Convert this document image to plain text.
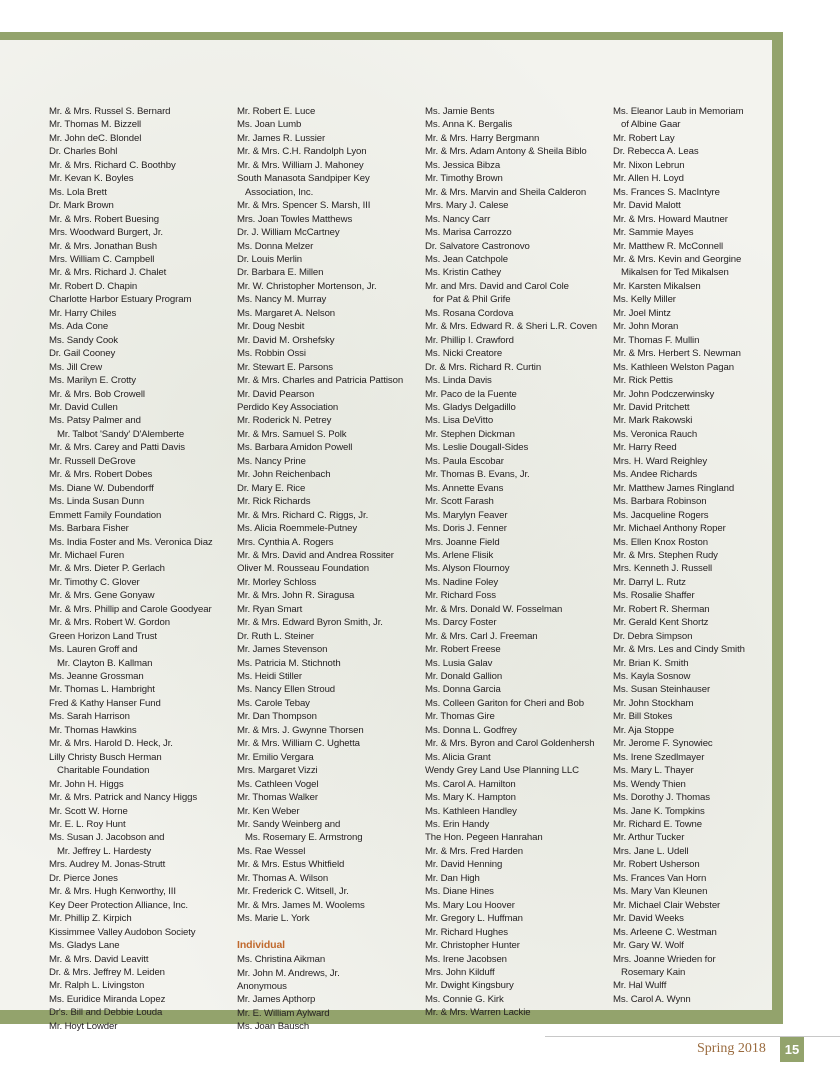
Mr. & Mrs. Russel S. Bernard
Mr. Thomas M. Bizzell
Mr. John deC. Blondel
Dr. Charles Bohl
Mr. & Mrs. Richard C. Boothby
Mr. Kevan K. Boyles
Ms. Lola Brett
Dr. Mark Brown
Mr. & Mrs. Robert Buesing
Mrs. Woodward Burgert, Jr.
Mr. & Mrs. Jonathan Bush
Mrs. William C. Campbell
Mr. & Mrs. Richard J. Chalet
Mr. Robert D. Chapin
Charlotte Harbor Estuary Program
Mr. Harry Chiles
Ms. Ada Cone
Ms. Sandy Cook
Dr. Gail Cooney
Ms. Jill Crew
Ms. Marilyn E. Crotty
Mr. & Mrs. Bob Crowell
Mr. David Cullen
Ms. Patsy Palmer and
Mr. Talbot 'Sandy' D'Alemberte
Mr. & Mrs. Carey and Patti Davis
Mr. Russell DeGrove
Mr. & Mrs. Robert Dobes
Ms. Diane W. Dubendorff
Ms. Linda Susan Dunn
Emmett Family Foundation
Ms. Barbara Fisher
Ms. India Foster and Ms. Veronica Diaz
Mr. Michael Furen
Mr. & Mrs. Dieter P. Gerlach
Mr. Timothy C. Glover
Mr. & Mrs. Gene Gonyaw
Mr. & Mrs. Phillip and Carole Goodyear
Mr. & Mrs. Robert W. Gordon
Green Horizon Land Trust
Ms. Lauren Groff and
Mr. Clayton B. Kallman
Ms. Jeanne Grossman
Mr. Thomas L. Hambright
Fred & Kathy Hanser Fund
Ms. Sarah Harrison
Mr. Thomas Hawkins
Mr. & Mrs. Harold D. Heck, Jr.
Lilly Christy Busch Herman
Charitable Foundation
Mr. John H. Higgs
Mr. & Mrs. Patrick and Nancy Higgs
Mr. Scott W. Horne
Mr. E. L. Roy Hunt
Ms. Susan J. Jacobson and
Mr. Jeffrey L. Hardesty
Mrs. Audrey M. Jonas-Strutt
Dr. Pierce Jones
Mr. & Mrs. Hugh Kenworthy, III
Key Deer Protection Alliance, Inc.
Mr. Phillip Z. Kirpich
Kissimmee Valley Audobon Society
Ms. Gladys Lane
Mr. & Mrs. David Leavitt
Dr. & Mrs. Jeffrey M. Leiden
Mr. Ralph L. Livingston
Ms. Euridice Miranda Lopez
Dr's. Bill and Debbie Louda
Mr. Hoyt Lowder
Mr. Robert E. Luce
Ms. Joan Lumb
Mr. James R. Lussier
Mr. & Mrs. C.H. Randolph Lyon
Mr. & Mrs. William J. Mahoney
South Manasota Sandpiper Key
Association, Inc.
Mr. & Mrs. Spencer S. Marsh, III
Mrs. Joan Towles Matthews
Dr. J. William McCartney
Ms. Donna Melzer
Dr. Louis Merlin
Dr. Barbara E. Millen
Mr. W. Christopher Mortenson, Jr.
Ms. Nancy M. Murray
Ms. Margaret A. Nelson
Mr. Doug Nesbit
Mr. David M. Orshefsky
Ms. Robbin Ossi
Mr. Stewart E. Parsons
Mr. & Mrs. Charles and Patricia Pattison
Mr. David Pearson
Perdido Key Association
Mr. Roderick N. Petrey
Mr. & Mrs. Samuel S. Polk
Ms. Barbara Amidon Powell
Ms. Nancy Prine
Mr. John Reichenbach
Dr. Mary E. Rice
Mr. Rick Richards
Mr. & Mrs. Richard C. Riggs, Jr.
Ms. Alicia Roemmele-Putney
Mrs. Cynthia A. Rogers
Mr. & Mrs. David and Andrea Rossiter
Oliver M. Rousseau Foundation
Mr. Morley Schloss
Mr. & Mrs. John R. Siragusa
Mr. Ryan Smart
Mr. & Mrs. Edward Byron Smith, Jr.
Dr. Ruth L. Steiner
Mr. James Stevenson
Ms. Patricia M. Stichnoth
Ms. Heidi Stiller
Ms. Nancy Ellen Stroud
Ms. Carole Tebay
Mr. Dan Thompson
Mr. & Mrs. J. Gwynne Thorsen
Mr. & Mrs. William C. Ughetta
Mr. Emilio Vergara
Mrs. Margaret Vizzi
Ms. Cathleen Vogel
Mr. Thomas Walker
Mr. Ken Weber
Mr. Sandy Weinberg and
Ms. Rosemary E. Armstrong
Ms. Rae Wessel
Mr. & Mrs. Estus Whitfield
Mr. Thomas A. Wilson
Mr. Frederick C. Witsell, Jr.
Mr. & Mrs. James M. Woolems
Ms. Marie L. York
Individual
Ms. Christina Aikman
Mr. John M. Andrews, Jr.
Anonymous
Mr. James Apthorp
Mr. E. William Aylward
Ms. Joan Bausch
Ms. Jamie Bents
Ms. Anna K. Bergalis
Mr. & Mrs. Harry Bergmann
Mr. & Mrs. Adam Antony & Sheila Biblo
Ms. Jessica Bibza
Mr. Timothy Brown
Mr. & Mrs. Marvin and Sheila Calderon
Mrs. Mary J. Calese
Ms. Nancy Carr
Ms. Marisa Carrozzo
Dr. Salvatore Castronovo
Ms. Jean Catchpole
Ms. Kristin Cathey
Mr. and Mrs. David and Carol Cole
for Pat & Phil Grife
Ms. Rosana Cordova
Mr. & Mrs. Edward R. & Sheri L.R. Coven
Mr. Phillip I. Crawford
Ms. Nicki Creatore
Dr. & Mrs. Richard R. Curtin
Ms. Linda Davis
Mr. Paco de la Fuente
Ms. Gladys Delgadillo
Ms. Lisa DeVitto
Mr. Stephen Dickman
Ms. Leslie Dougall-Sides
Ms. Paula Escobar
Mr. Thomas B. Evans, Jr.
Ms. Annette Evans
Mr. Scott Farash
Ms. Marylyn Feaver
Ms. Doris J. Fenner
Mrs. Joanne Field
Ms. Arlene Flisik
Ms. Alyson Flournoy
Ms. Nadine Foley
Mr. Richard Foss
Mr. & Mrs. Donald W. Fosselman
Ms. Darcy Foster
Mr. & Mrs. Carl J. Freeman
Mr. Robert Freese
Ms. Lusia Galav
Mr. Donald Gallion
Ms. Donna Garcia
Ms. Colleen Gariton for Cheri and Bob
Mr. Thomas Gire
Ms. Donna L. Godfrey
Mr. & Mrs. Byron and Carol Goldenhersh
Ms. Alicia Grant
Wendy Grey Land Use Planning LLC
Ms. Carol A. Hamilton
Ms. Mary K. Hampton
Ms. Kathleen Handley
Ms. Erin Handy
The Hon. Pegeen Hanrahan
Mr. & Mrs. Fred Harden
Mr. David Henning
Mr. Dan High
Ms. Diane Hines
Ms. Mary Lou Hoover
Mr. Gregory L. Huffman
Mr. Richard Hughes
Mr. Christopher Hunter
Ms. Irene Jacobsen
Mrs. John Kilduff
Mr. Dwight Kingsbury
Ms. Connie G. Kirk
Mr. & Mrs. Warren Lackie
Ms. Eleanor Laub in Memoriam
of Albine Gaar
Mr. Robert Lay
Dr. Rebecca A. Leas
Mr. Nixon Lebrun
Mr. Allen H. Loyd
Ms. Frances S. MacIntyre
Mr. David Malott
Mr. & Mrs. Howard Mautner
Mr. Sammie Mayes
Mr. Matthew R. McConnell
Mr. & Mrs. Kevin and Georgine
Mikalsen for Ted Mikalsen
Mr. Karsten Mikalsen
Ms. Kelly Miller
Mr. Joel Mintz
Mr. John Moran
Mr. Thomas F. Mullin
Mr. & Mrs. Herbert S. Newman
Ms. Kathleen Welston Pagan
Mr. Rick Pettis
Mr. John Podczerwinsky
Mr. David Pritchett
Mr. Mark Rakowski
Ms. Veronica Rauch
Mr. Harry Reed
Mrs. H. Ward Reighley
Ms. Andee Richards
Mr. Matthew James Ringland
Ms. Barbara Robinson
Ms. Jacqueline Rogers
Mr. Michael Anthony Roper
Ms. Ellen Knox Roston
Mr. & Mrs. Stephen Rudy
Mrs. Kenneth J. Russell
Mr. Darryl L. Rutz
Ms. Rosalie Shaffer
Mr. Robert R. Sherman
Mr. Gerald Kent Shortz
Dr. Debra Simpson
Mr. & Mrs. Les and Cindy Smith
Mr. Brian K. Smith
Ms. Kayla Sosnow
Ms. Susan Steinhauser
Mr. John Stockham
Mr. Bill Stokes
Mr. Aja Stoppe
Mr. Jerome F. Synowiec
Ms. Irene Szedlmayer
Ms. Mary L. Thayer
Ms. Wendy Thien
Ms. Dorothy J. Thomas
Ms. Jane K. Tompkins
Mr. Richard E. Towne
Mr. Arthur Tucker
Mrs. Jane L. Udell
Mr. Robert Usherson
Ms. Frances Van Horn
Ms. Mary Van Kleunen
Mr. Michael Clair Webster
Mr. David Weeks
Ms. Arleene C. Westman
Mr. Gary W. Wolf
Mrs. Joanne Wrieden for
Rosemary Kain
Mr. Hal Wulff
Ms. Carol A. Wynn
Spring 2018	15
